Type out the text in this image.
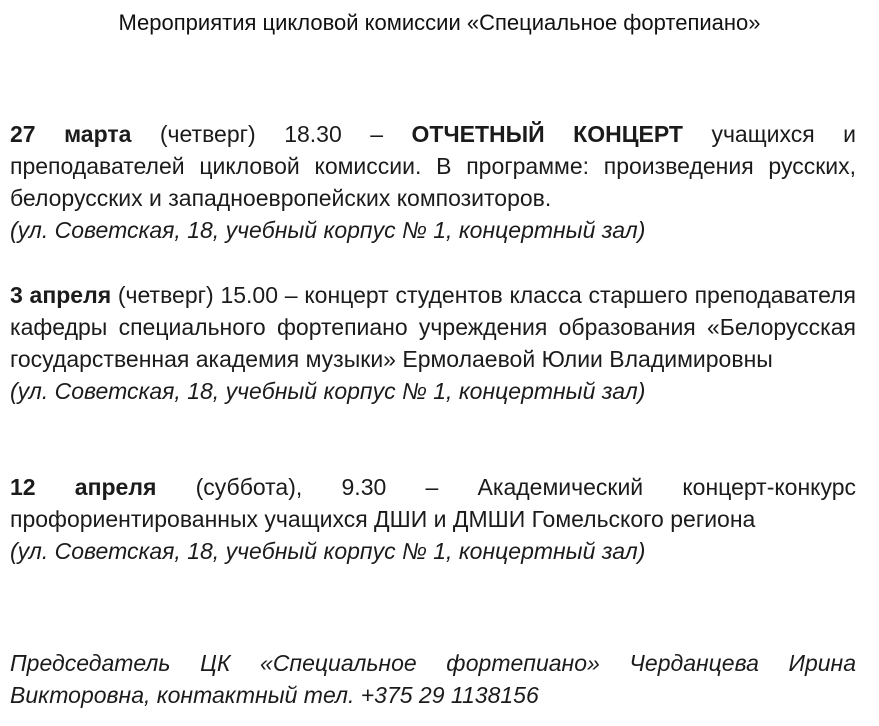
Мероприятия цикловой комиссии «Специальное фортепиано»
27 марта (четверг) 18.30 – ОТЧЕТНЫЙ КОНЦЕРТ учащихся и преподавателей цикловой комиссии. В программе: произведения русских, белорусских и западноевропейских композиторов.
(ул. Советская, 18, учебный корпус № 1, концертный зал)
3 апреля (четверг) 15.00 – концерт студентов класса старшего преподавателя кафедры специального фортепиано учреждения образования «Белорусская государственная академия музыки» Ермолаевой Юлии Владимировны
(ул. Советская, 18, учебный корпус № 1, концертный зал)
12 апреля (суббота), 9.30 – Академический концерт-конкурс профориентированных учащихся ДШИ и ДМШИ Гомельского региона
(ул. Советская, 18, учебный корпус № 1, концертный зал)
Председатель ЦК «Специальное фортепиано» Черданцева Ирина Викторовна, контактный тел. +375 29 1138156
